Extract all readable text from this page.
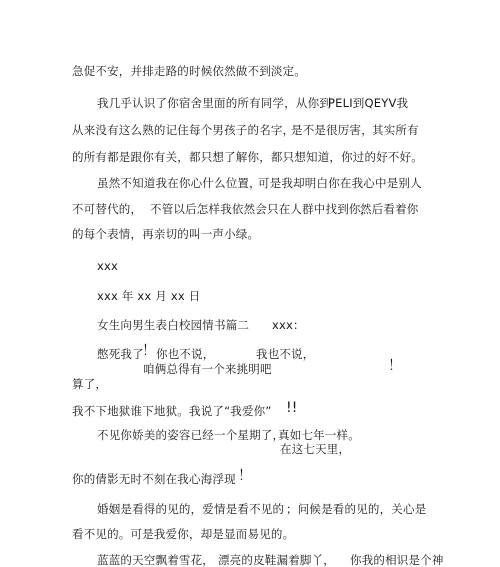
急促不安，并排走路的时候依然做不到淡定。
我几乎认识了你宿舍里面的所有同学，从你到
PELI到QEYV我
从来没有这么熟的记住每个男孩子的名字，
是不是很厉害， 其实所有
的所有都是跟你有关，都只想了解你，都只想知道，你过的好不好。
虽然不知道我在你心什么位置，
可是我却明白你在我心中是别人
不可替代的， 不管以后怎样我依然会只在人群中找到你，
然后看着你
的每个表情，再亲切的叫一声小绿。
xxx
xxx 年 xx 月 xx 日
女生向男生表白校园情书篇二 xxx：
憋死我了
！ 你也不说，	我也不说，
咱俩总得有一个来挑明吧	！
算了，
我不下地狱谁下地狱。我说了“我爱你” !!
不见你娇美的姿容已经一个星期了，
真如七年一样。
在这七天里，
你的倩影无时不刻在我心海浮现 ！
婚姻是看得的见的，爱情是看不见的 ；问候是看的见的，关心是
看不见的。可是我爱你，却是显而易见的。
蓝蓝的天空飘着雪花， 漂亮的皮鞋漏着脚丫， 你我的相识是个神
